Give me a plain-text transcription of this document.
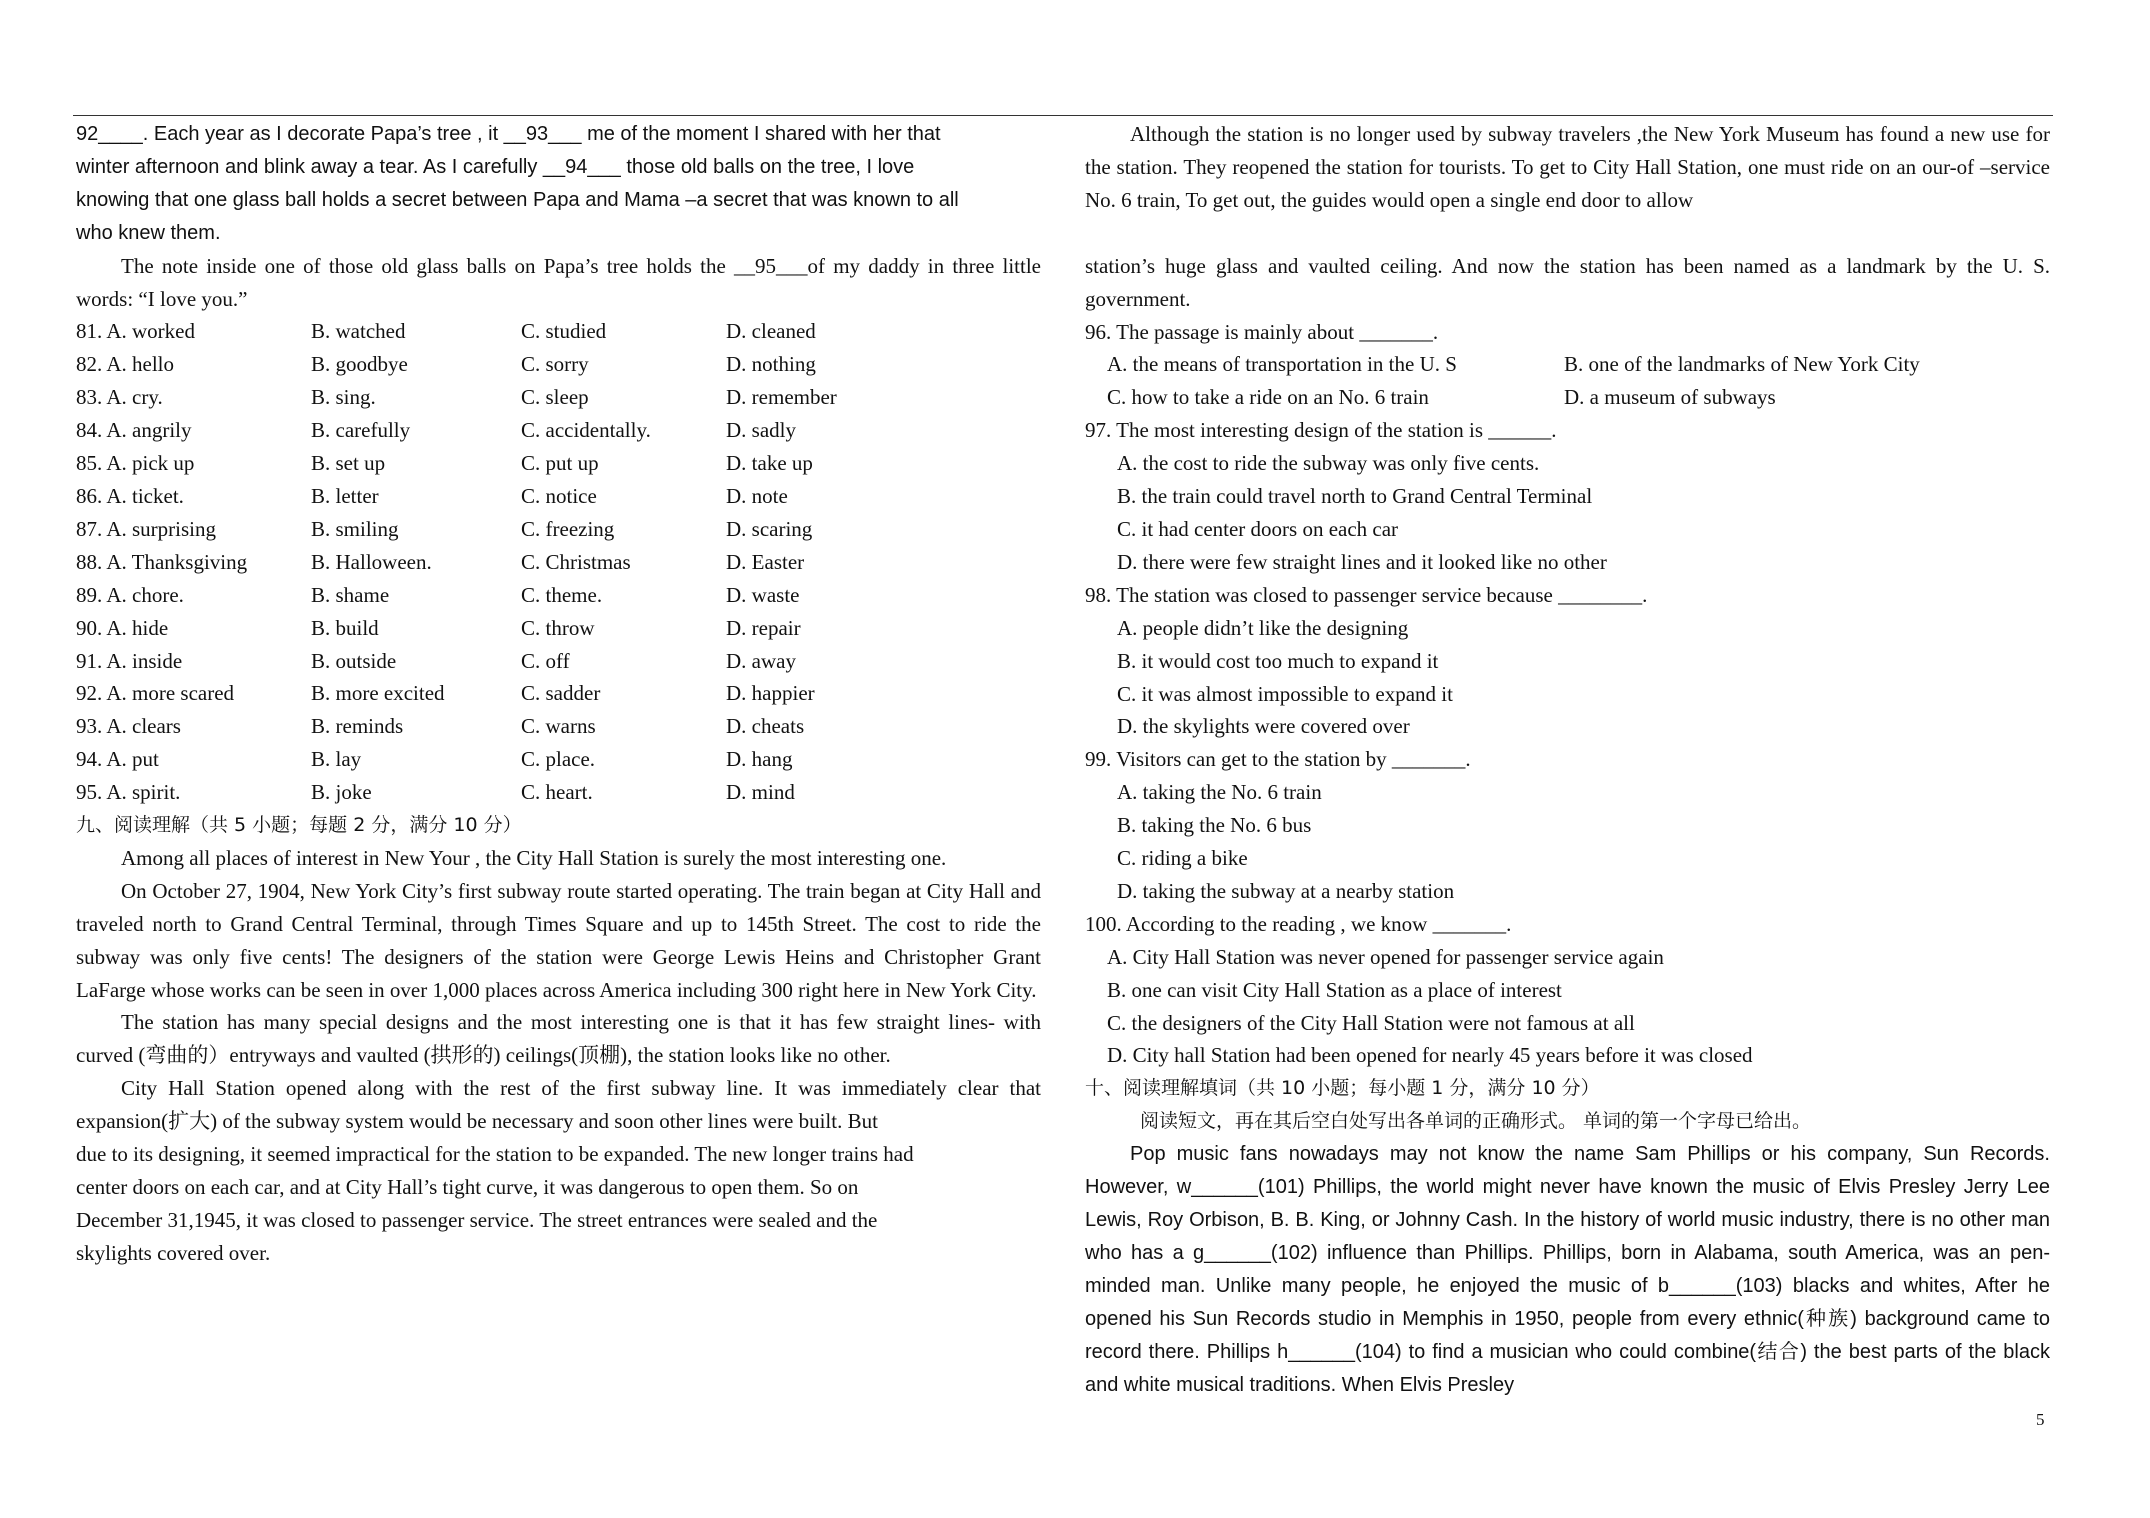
92____. Each year as I decorate Papa’s tree , it __93___ me of the moment I shared with her that
winter afternoon and blink away a tear. As I carefully __94___ those old balls on the tree, I love
knowing that one glass ball holds a secret between Papa and Mama –a secret that was known to all
who knew them.
The note inside one of those old glass balls on Papa’s tree holds the __95___of my daddy in three little words: “I love you.”
81. A. worked	B. watched	C. studied	D. cleaned
82. A. hello	B. goodbye	C. sorry	D. nothing
83. A. cry.	B. sing.	C. sleep	D. remember
84. A. angrily	B. carefully	C. accidentally.	D. sadly
85. A. pick up	B. set up	C. put up	D. take up
86. A. ticket.	B. letter	C. notice	D. note
87. A. surprising	B. smiling	C. freezing	D. scaring
88. A. Thanksgiving	B. Halloween.	C. Christmas	D. Easter
89. A. chore.	B. shame	C. theme.	D. waste
90. A. hide	B. build	C. throw	D. repair
91. A. inside	B. outside	C. off	D. away
92. A. more scared	B. more excited	C. sadder	D. happier
93. A. clears	B. reminds	C. warns	D. cheats
94. A. put	B. lay	C. place.	D. hang
95. A. spirit.	B. joke	C. heart.	D. mind
九、阅读理解（共 5 小题；每题 2 分，满分 10 分）
Among all places of interest in New Your , the City Hall Station is surely the most interesting one.
On October 27, 1904, New York City’s first subway route started operating. The train began at City Hall and traveled north to Grand Central Terminal, through Times Square and up to 145th Street. The cost to ride the subway was only five cents! The designers of the station were George Lewis Heins and Christopher Grant LaFarge whose works can be seen in over 1,000 places across America including 300 right here in New York City.
The station has many special designs and the most interesting one is that it has few straight lines- with curved (弯曲的）entryways and vaulted (拱形的) ceilings(顶棚), the station looks like no other.
City Hall Station opened along with the rest of the first subway line. It was immediately clear that expansion(扩大) of the subway system would be necessary and soon other lines were built. But
due to its designing, it seemed impractical for the station to be expanded. The new longer trains had
center doors on each car, and at City Hall’s tight curve, it was dangerous to open them. So on
December 31,1945, it was closed to passenger service. The street entrances were sealed and the
skylights covered over.
Although the station is no longer used by subway travelers ,the New York Museum has found a new use for the station. They reopened the station for tourists. To get to City Hall Station, one must ride on an our-of –service No. 6 train, To get out, the guides would open a single end door to allow
station’s huge glass and vaulted ceiling. And now the station has been named as a landmark by the U. S. government.
96. The passage is mainly about _______.
A. the means of transportation in the U. S	B. one of the landmarks of New York City
C. how to take a ride on an No. 6 train	D. a museum of subways
97. The most interesting design of the station is ______.
A. the cost to ride the subway was only five cents.
B. the train could travel north to Grand Central Terminal
C. it had center doors on each car
D. there were few straight lines and it looked like no other
98. The station was closed to passenger service because ________.
A. people didn’t like the designing
B. it would cost too much to expand it
C. it was almost impossible to expand it
D. the skylights were covered over
99. Visitors can get to the station by _______.
A. taking the No. 6 train
B. taking the No. 6 bus
C. riding a bike
D. taking the subway at a nearby station
100. According to the reading , we know _______.
A. City Hall Station was never opened for passenger service again
B. one can visit City Hall Station as a place of interest
C. the designers of the City Hall Station were not famous at all
D. City hall Station had been opened for nearly 45 years before it was closed
十、阅读理解填词（共 10 小题；每小题 1 分，满分 10 分）
阅读短文，再在其后空白处写出各单词的正确形式。 单词的第一个字母已给出。
Pop music fans nowadays may not know the name Sam Phillips or his company, Sun Records. However, w______(101) Phillips, the world might never have known the music of Elvis Presley Jerry Lee Lewis, Roy Orbison, B. B. King, or Johnny Cash. In the history of world music industry, there is no other man who has a g______(102) influence than Phillips. Phillips, born in Alabama, south America, was an pen-minded man. Unlike many people, he enjoyed the music of b______(103) blacks and whites, After he opened his Sun Records studio in Memphis in 1950, people from every ethnic(种族) background came to record there. Phillips h______(104) to find a musician who could combine(结合) the best parts of the black and white musical traditions. When Elvis Presley
5
